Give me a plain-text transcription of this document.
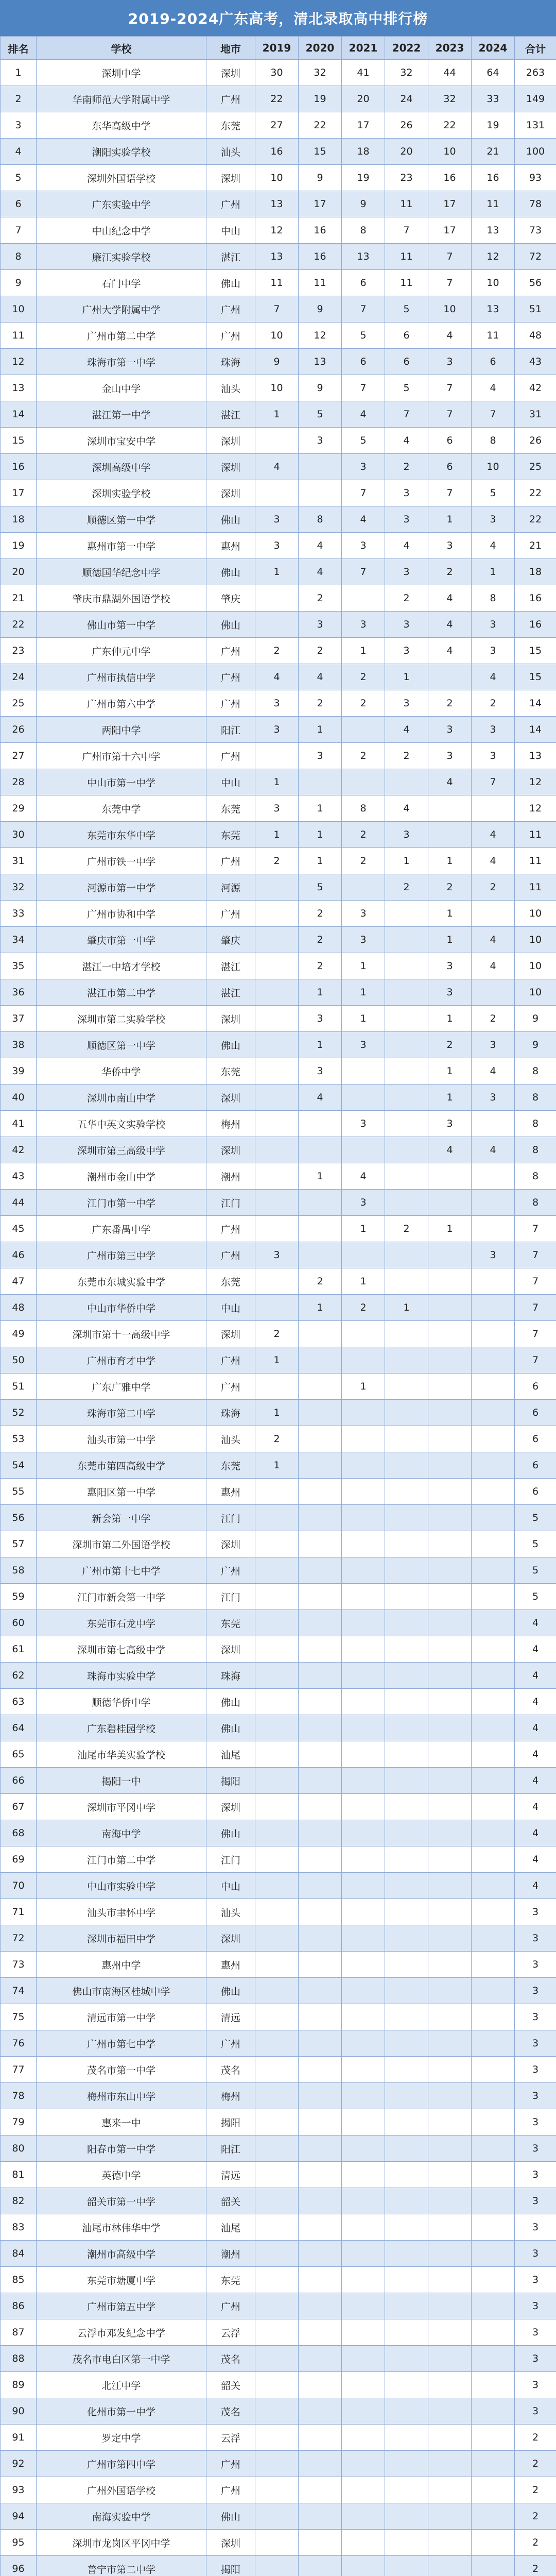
2019-2024广东高考，清北录取高中排行榜
排名	学校	地市	2019	2020	2021	2022	2023	2024	合计
1	深圳中学	深圳	30	32	41	32	44	64	263
2	华南师范大学附属中学	广州	22	19	20	24	32	33	149
3	东华高级中学	东莞	27	22	17	26	22	19	131
4	潮阳实验学校	汕头	16	15	18	20	10	21	100
5	深圳外国语学校	深圳	10	9	19	23	16	16	93
6	广东实验中学	广州	13	17	9	11	17	11	78
7	中山纪念中学	中山	12	16	8	7	17	13	73
8	廉江实验学校	湛江	13	16	13	11	7	12	72
9	石门中学	佛山	11	11	6	11	7	10	56
10	广州大学附属中学	广州	7	9	7	5	10	13	51
11	广州市第二中学	广州	10	12	5	6	4	11	48
12	珠海市第一中学	珠海	9	13	6	6	3	6	43
13	金山中学	汕头	10	9	7	5	7	4	42
14	湛江第一中学	湛江	1	5	4	7	7	7	31
15	深圳市宝安中学	深圳		3	5	4	6	8	26
16	深圳高级中学	深圳	4		3	2	6	10	25
17	深圳实验学校	深圳			7	3	7	5	22
18	顺德区第一中学	佛山	3	8	4	3	1	3	22
19	惠州市第一中学	惠州	3	4	3	4	3	4	21
20	顺德国华纪念中学	佛山	1	4	7	3	2	1	18
21	肇庆市鼎湖外国语学校	肇庆		2		2	4	8	16
22	佛山市第一中学	佛山		3	3	3	4	3	16
23	广东仲元中学	广州	2	2	1	3	4	3	15
24	广州市执信中学	广州	4	4	2	1		4	15
25	广州市第六中学	广州	3	2	2	3	2	2	14
26	两阳中学	阳江	3	1		4	3	3	14
27	广州市第十六中学	广州		3	2	2	3	3	13
28	中山市第一中学	中山	1				4	7	12
29	东莞中学	东莞	3	1	8	4			12
30	东莞市东华中学	东莞	1	1	2	3		4	11
31	广州市铁一中学	广州	2	1	2	1	1	4	11
32	河源市第一中学	河源		5		2	2	2	11
33	广州市协和中学	广州		2	3		1		10
34	肇庆市第一中学	肇庆		2	3		1	4	10
35	湛江一中培才学校	湛江		2	1		3	4	10
36	湛江市第二中学	湛江		1	1		3		10
37	深圳市第二实验学校	深圳		3	1		1	2	9
38	顺德区第一中学	佛山		1	3		2	3	9
39	华侨中学	东莞		3			1	4	8
40	深圳市南山中学	深圳		4			1	3	8
41	五华中英文实验学校	梅州			3		3		8
42	深圳市第三高级中学	深圳					4	4	8
43	潮州市金山中学	潮州		1	4				8
44	江门市第一中学	江门			3				8
45	广东番禺中学	广州			1	2	1		7
46	广州市第三中学	广州	3					3	7
47	东莞市东城实验中学	东莞		2	1				7
48	中山市华侨中学	中山		1	2	1			7
49	深圳市第十一高级中学	深圳	2						7
50	广州市育才中学	广州	1						7
51	广东广雅中学	广州			1				6
52	珠海市第二中学	珠海	1						6
53	汕头市第一中学	汕头	2						6
54	东莞市第四高级中学	东莞	1						6
55	惠阳区第一中学	惠州							6
56	新会第一中学	江门							5
57	深圳市第二外国语学校	深圳							5
58	广州市第十七中学	广州							5
59	江门市新会第一中学	江门							5
60	东莞市石龙中学	东莞							4
61	深圳市第七高级中学	深圳							4
62	珠海市实验中学	珠海							4
63	顺德华侨中学	佛山							4
64	广东碧桂园学校	佛山							4
65	汕尾市华美实验学校	汕尾							4
66	揭阳一中	揭阳							4
67	深圳市平冈中学	深圳							4
68	南海中学	佛山							4
69	江门市第二中学	江门							4
70	中山市实验中学	中山							4
71	汕头市聿怀中学	汕头							3
72	深圳市福田中学	深圳							3
73	惠州中学	惠州							3
74	佛山市南海区桂城中学	佛山							3
75	清远市第一中学	清远							3
76	广州市第七中学	广州							3
77	茂名市第一中学	茂名							3
78	梅州市东山中学	梅州							3
79	惠来一中	揭阳							3
80	阳春市第一中学	阳江							3
81	英德中学	清远							3
82	韶关市第一中学	韶关							3
83	汕尾市林伟华中学	汕尾							3
84	潮州市高级中学	潮州							3
85	东莞市塘厦中学	东莞							3
86	广州市第五中学	广州							3
87	云浮市邓发纪念中学	云浮							3
88	茂名市电白区第一中学	茂名							3
89	北江中学	韶关							3
90	化州市第一中学	茂名							3
91	罗定中学	云浮							2
92	广州市第四中学	广州							2
93	广州外国语学校	广州							2
94	南海实验中学	佛山							2
95	深圳市龙岗区平冈中学	深圳							2
96	普宁市第二中学	揭阳							2
